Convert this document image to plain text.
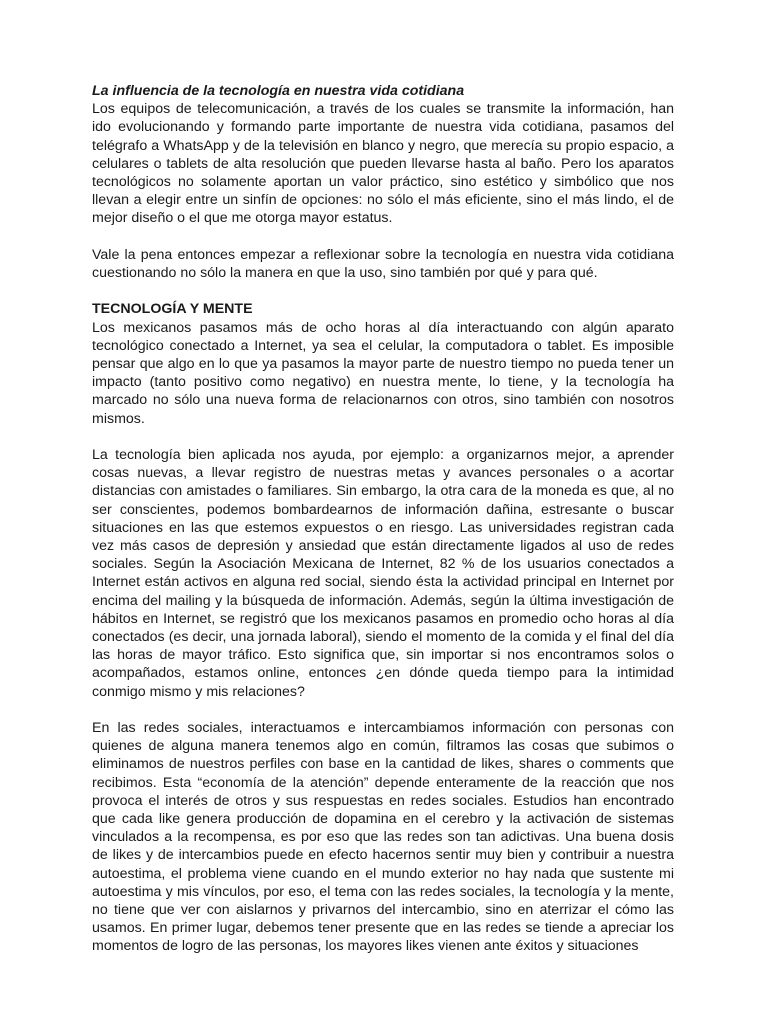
La influencia de la tecnología en nuestra vida cotidiana

Los equipos de telecomunicación, a través de los cuales se transmite la información, han ido evolucionando y formando parte importante de nuestra vida cotidiana, pasamos del telégrafo a WhatsApp y de la televisión en blanco y negro, que merecía su propio espacio, a celulares o tablets de alta resolución que pueden llevarse hasta al baño. Pero los aparatos tecnológicos no solamente aportan un valor práctico, sino estético y simbólico que nos llevan a elegir entre un sinfín de opciones: no sólo el más eficiente, sino el más lindo, el de mejor diseño o el que me otorga mayor estatus.

Vale la pena entonces empezar a reflexionar sobre la tecnología en nuestra vida cotidiana cuestionando no sólo la manera en que la uso, sino también por qué y para qué.

TECNOLOGÍA Y MENTE

Los mexicanos pasamos más de ocho horas al día interactuando con algún aparato tecnológico conectado a Internet, ya sea el celular, la computadora o tablet. Es imposible pensar que algo en lo que ya pasamos la mayor parte de nuestro tiempo no pueda tener un impacto (tanto positivo como negativo) en nuestra mente, lo tiene, y la tecnología ha marcado no sólo una nueva forma de relacionarnos con otros, sino también con nosotros mismos.

La tecnología bien aplicada nos ayuda, por ejemplo: a organizarnos mejor, a aprender cosas nuevas, a llevar registro de nuestras metas y avances personales o a acortar distancias con amistades o familiares. Sin embargo, la otra cara de la moneda es que, al no ser conscientes, podemos bombardearnos de información dañina, estresante o buscar situaciones en las que estemos expuestos o en riesgo. Las universidades registran cada vez más casos de depresión y ansiedad que están directamente ligados al uso de redes sociales. Según la Asociación Mexicana de Internet, 82 % de los usuarios conectados a Internet están activos en alguna red social, siendo ésta la actividad principal en Internet por encima del mailing y la búsqueda de información. Además, según la última investigación de hábitos en Internet, se registró que los mexicanos pasamos en promedio ocho horas al día conectados (es decir, una jornada laboral), siendo el momento de la comida y el final del día las horas de mayor tráfico. Esto significa que, sin importar si nos encontramos solos o acompañados, estamos online, entonces ¿en dónde queda tiempo para la intimidad conmigo mismo y mis relaciones?

En las redes sociales, interactuamos e intercambiamos información con personas con quienes de alguna manera tenemos algo en común, filtramos las cosas que subimos o eliminamos de nuestros perfiles con base en la cantidad de likes, shares o comments que recibimos. Esta “economía de la atención” depende enteramente de la reacción que nos provoca el interés de otros y sus respuestas en redes sociales. Estudios han encontrado que cada like genera producción de dopamina en el cerebro y la activación de sistemas vinculados a la recompensa, es por eso que las redes son tan adictivas. Una buena dosis de likes y de intercambios puede en efecto hacernos sentir muy bien y contribuir a nuestra autoestima, el problema viene cuando en el mundo exterior no hay nada que sustente mi autoestima y mis vínculos, por eso, el tema con las redes sociales, la tecnología y la mente, no tiene que ver con aislarnos y privarnos del intercambio, sino en aterrizar el cómo las usamos. En primer lugar, debemos tener presente que en las redes se tiende a apreciar los momentos de logro de las personas, los mayores likes vienen ante éxitos y situaciones
